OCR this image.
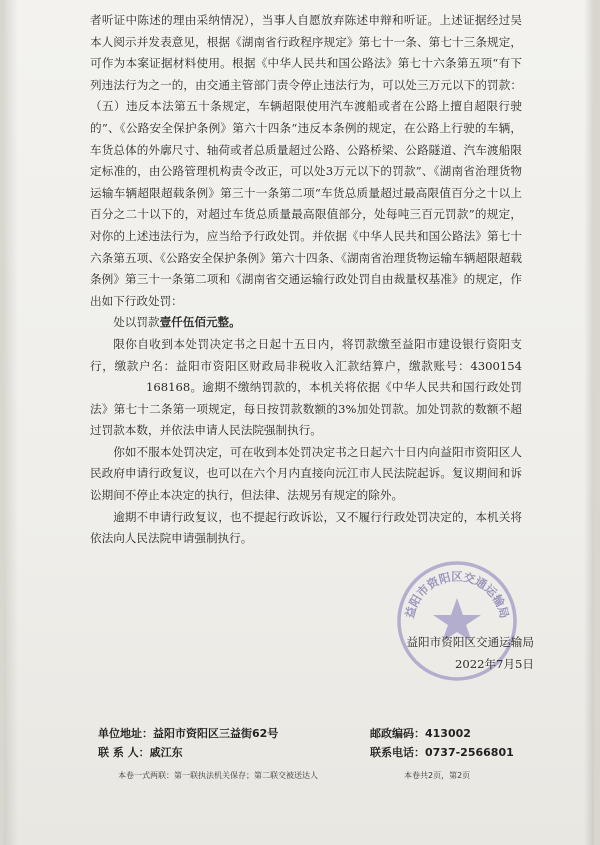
者听证中陈述的理由采纳情况），当事人自愿放弃陈述申辩和听证。上述证据经过吴　本人阅示并发表意见，根据《湖南省行政程序规定》第七十一条、第七十三条规定，可作为本案证据材料使用。根据《中华人民共和国公路法》第七十六条第五项“有下列违法行为之一的，由交通主管部门责令停止违法行为，可以处三万元以下的罚款：（五）违反本法第五十条规定，车辆超限使用汽车渡船或者在公路上擅自超限行驶的”、《公路安全保护条例》第六十四条“违反本条例的规定，在公路上行驶的车辆，车货总体的外廓尺寸、轴荷或者总质量超过公路、公路桥梁、公路隧道、汽车渡船限定标准的，由公路管理机构责令改正，可以处3万元以下的罚款”、《湖南省治理货物运输车辆超限超载条例》第三十一条第二项“车货总质量超过最高限值百分之十以上百分之二十以下的，对超过车货总质量最高限值部分，处每吨三百元罚款”的规定，对你的上述违法行为，应当给予行政处罚。并依据《中华人民共和国公路法》第七十六条第五项、《公路安全保护条例》第六十四条、《湖南省治理货物运输车辆超限超载条例》第三十一条第二项和《湖南省交通运输行政处罚自由裁量权基准》的规定，作出如下行政处罚：

处以罚款壹仟伍佰元整。

限你自收到本处罚决定书之日起十五日内，将罚款缴至益阳市建设银行资阳支行，缴款户名：益阳市资阳区财政局非税收入汇款结算户，缴款账号：4300154168168。逾期不缴纳罚款的，本机关将依据《中华人民共和国行政处罚法》第七十二条第一项规定，每日按罚款数额的3%加处罚款。加处罚款的数额不超过罚款本数，并依法申请人民法院强制执行。

你如不服本处罚决定，可在收到本处罚决定书之日起六十日内向益阳市资阳区人民政府申请行政复议，也可以在六个月内直接向沅江市人民法院起诉。复议期间和诉讼期间不停止本决定的执行，但法律、法规另有规定的除外。

逾期不申请行政复议，也不提起行政诉讼，又不履行行政处罚决定的，本机关将依法向人民法院申请强制执行。

益阳市资阳区交通运输局
益阳市资阳区交通运输局
2022年7月5日
单位地址：益阳市资阳区三益街62号	邮政编码：413002
联 系 人：戚江东	联系电话：0737-2566801
本卷一式两联：第一联执法机关保存；第二联交被送达人	本卷共2页，第2页
